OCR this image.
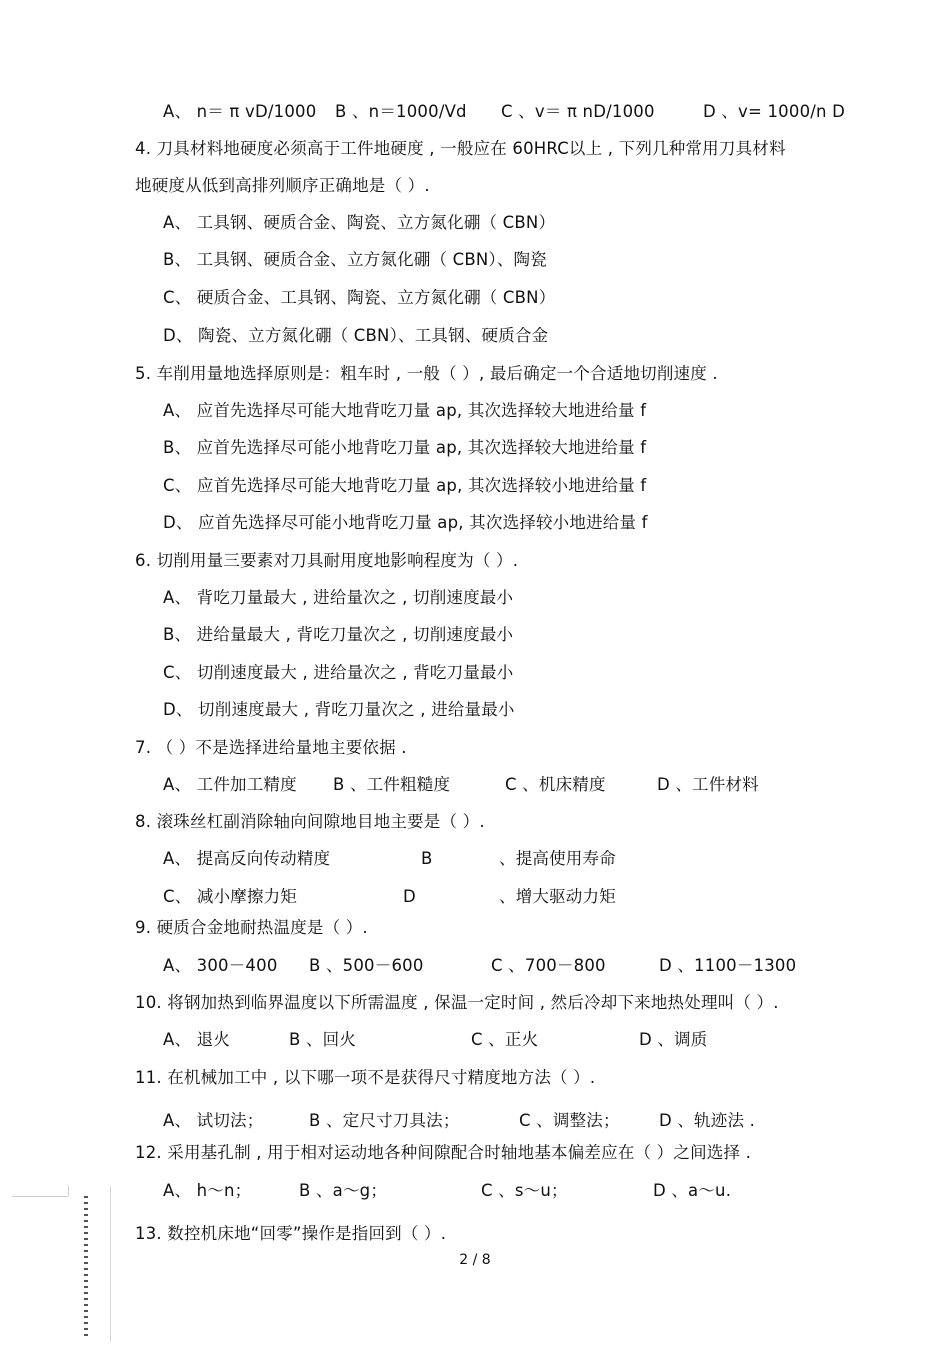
A、 n＝ π vD/1000 B 、n＝1000/Vd C 、v＝ π nD/1000	D 、v= 1000/n D
4. 刀具材料地硬度必须高于工件地硬度 , 一般应在 60HRC以上 , 下列几种常用刀具材料
地硬度从低到高排列顺序正确地是（ ）.
A、 工具钢、硬质合金、陶瓷、立方氮化硼（ CBN）
B、 工具钢、硬质合金、立方氮化硼（ CBN）、陶瓷
C、 硬质合金、工具钢、陶瓷、立方氮化硼（ CBN）
D、 陶瓷、立方氮化硼（ CBN）、工具钢、硬质合金
5. 车削用量地选择原则是：粗车时 , 一般（ ）, 最后确定一个合适地切削速度 .
A、 应首先选择尽可能大地背吃刀量 ap, 其次选择较大地进给量 f
B、 应首先选择尽可能小地背吃刀量 ap, 其次选择较大地进给量 f
C、 应首先选择尽可能大地背吃刀量 ap, 其次选择较小地进给量 f
D、 应首先选择尽可能小地背吃刀量 ap, 其次选择较小地进给量 f
6. 切削用量三要素对刀具耐用度地影响程度为（ ）.
A、 背吃刀量最大 , 进给量次之 , 切削速度最小
B、 进给量最大 , 背吃刀量次之 , 切削速度最小
C、 切削速度最大 , 进给量次之 , 背吃刀量最小
D、 切削速度最大 , 背吃刀量次之 , 进给量最小
7. （ ）不是选择进给量地主要依据 .
A、 工件加工精度 B 、工件粗糙度	C 、机床精度	D 、工件材料
8. 滚珠丝杠副消除轴向间隙地目地主要是（ ）.
A、 提高反向传动精度	B	、提高使用寿命
C、 减小摩擦力矩	D	、增大驱动力矩
9. 硬质合金地耐热温度是（ ）.
A、 300－400 B 、500－600	C 、700－800	D 、1100－1300
10. 将钢加热到临界温度以下所需温度 , 保温一定时间 , 然后冷却下来地热处理叫（ ）.
A、 退火	B 、回火	C 、正火	D 、调质
11. 在机械加工中 , 以下哪一项不是获得尺寸精度地方法（ ）.
A、 试切法；	B 、定尺寸刀具法；	C 、调整法； D 、轨迹法 .
12. 采用基孔制 , 用于相对运动地各种间隙配合时轴地基本偏差应在（ ）之间选择 .
A、 h～n；	B 、a～g；	C 、s～u；	D 、a～u.
13. 数控机床地“回零”操作是指回到（ ）.
2 / 8
